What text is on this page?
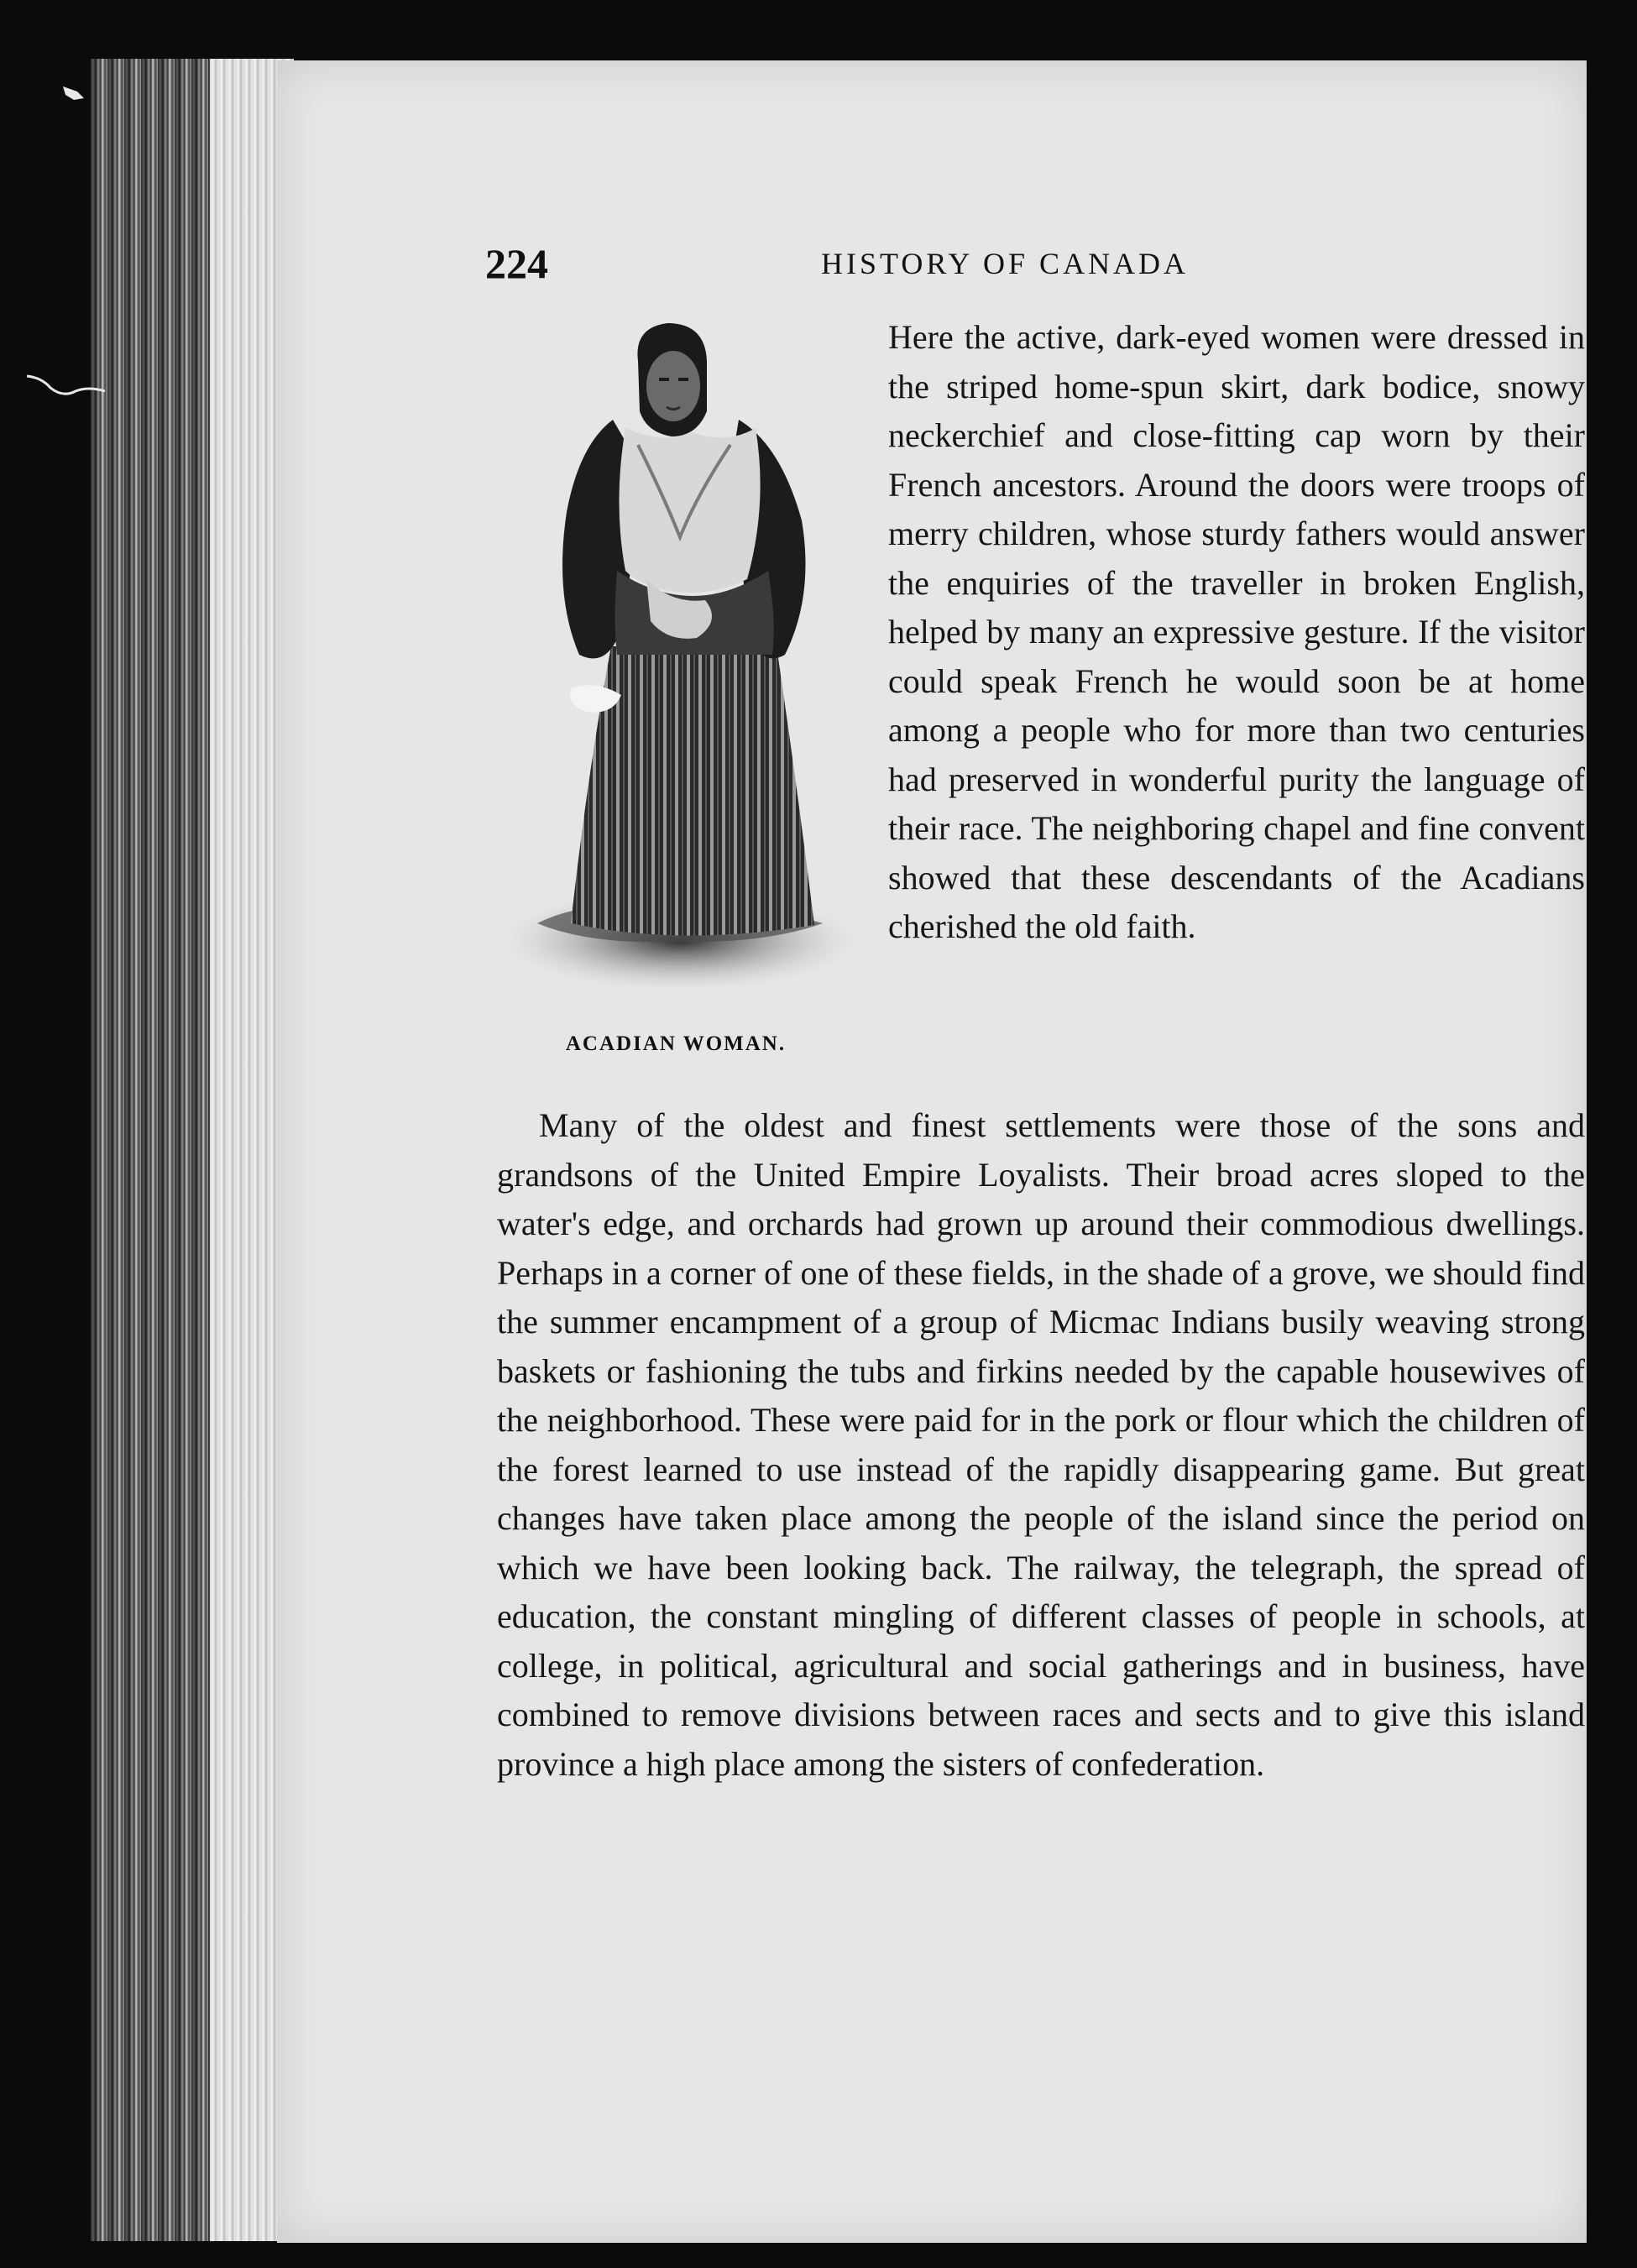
224	HISTORY OF CANADA
ACADIAN WOMAN.

Here the active, dark-eyed women were dressed in the striped home-spun skirt, dark bodice, snowy neckerchief and close-fitting cap worn by their French ancestors. Around the doors were troops of merry children, whose sturdy fathers would answer the enquiries of the traveller in broken English, helped by many an expressive gesture. If the visitor could speak French he would soon be at home among a people who for more than two centuries had preserved in wonderful purity the language of their race. The neighboring chapel and fine convent showed that these descendants of the Acadians cherished the old faith.

Many of the oldest and finest settlements were those of the sons and grandsons of the United Empire Loyalists. Their broad acres sloped to the water's edge, and orchards had grown up around their commodious dwellings. Perhaps in a corner of one of these fields, in the shade of a grove, we should find the summer encampment of a group of Micmac Indians busily weaving strong baskets or fashioning the tubs and firkins needed by the capable housewives of the neighborhood. These were paid for in the pork or flour which the children of the forest learned to use instead of the rapidly disappearing game. But great changes have taken place among the people of the island since the period on which we have been looking back. The railway, the telegraph, the spread of education, the constant mingling of different classes of people in schools, at college, in political, agricultural and social gatherings and in business, have combined to remove divisions between races and sects and to give this island province a high place among the sisters of confederation.
